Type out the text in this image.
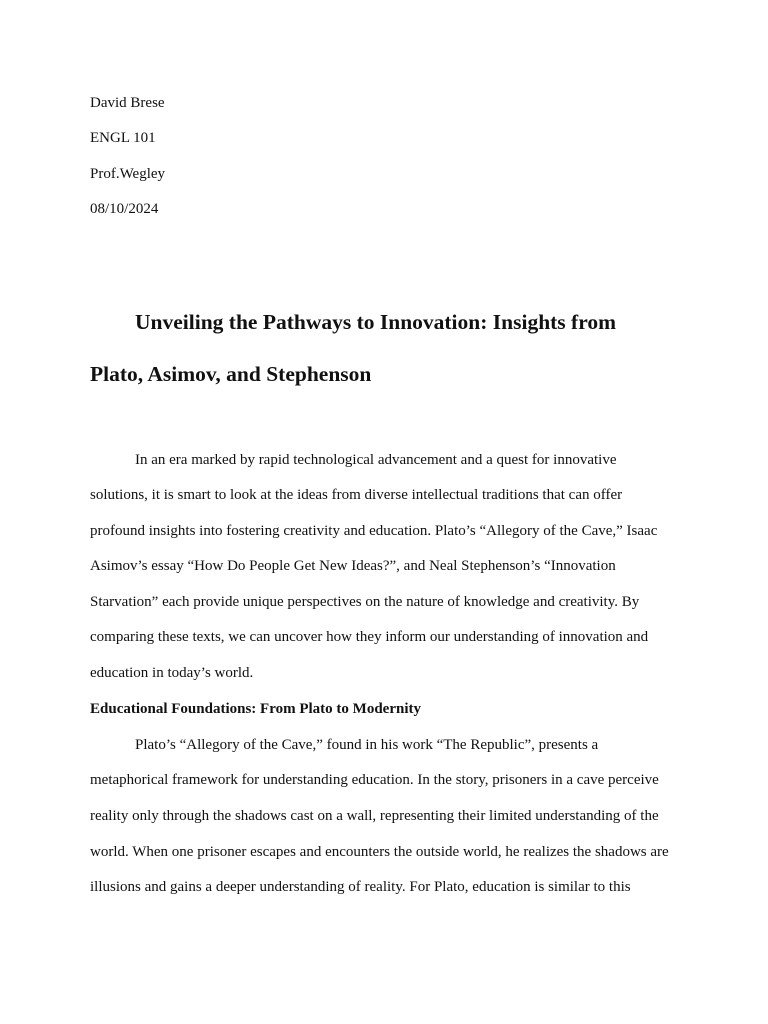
David Brese
ENGL 101
Prof.Wegley
08/10/2024
Unveiling the Pathways to Innovation: Insights from
Plato, Asimov, and Stephenson
In an era marked by rapid technological advancement and a quest for innovative
solutions, it is smart to look at the ideas from diverse intellectual traditions that can offer
profound insights into fostering creativity and education. Plato’s “Allegory of the Cave,” Isaac
Asimov’s essay “How Do People Get New Ideas?”, and Neal Stephenson’s “Innovation
Starvation” each provide unique perspectives on the nature of knowledge and creativity. By
comparing these texts, we can uncover how they inform our understanding of innovation and
education in today’s world.
Educational Foundations: From Plato to Modernity
Plato’s “Allegory of the Cave,” found in his work “The Republic”, presents a
metaphorical framework for understanding education. In the story, prisoners in a cave perceive
reality only through the shadows cast on a wall, representing their limited understanding of the
world. When one prisoner escapes and encounters the outside world, he realizes the shadows are
illusions and gains a deeper understanding of reality. For Plato, education is similar to this
